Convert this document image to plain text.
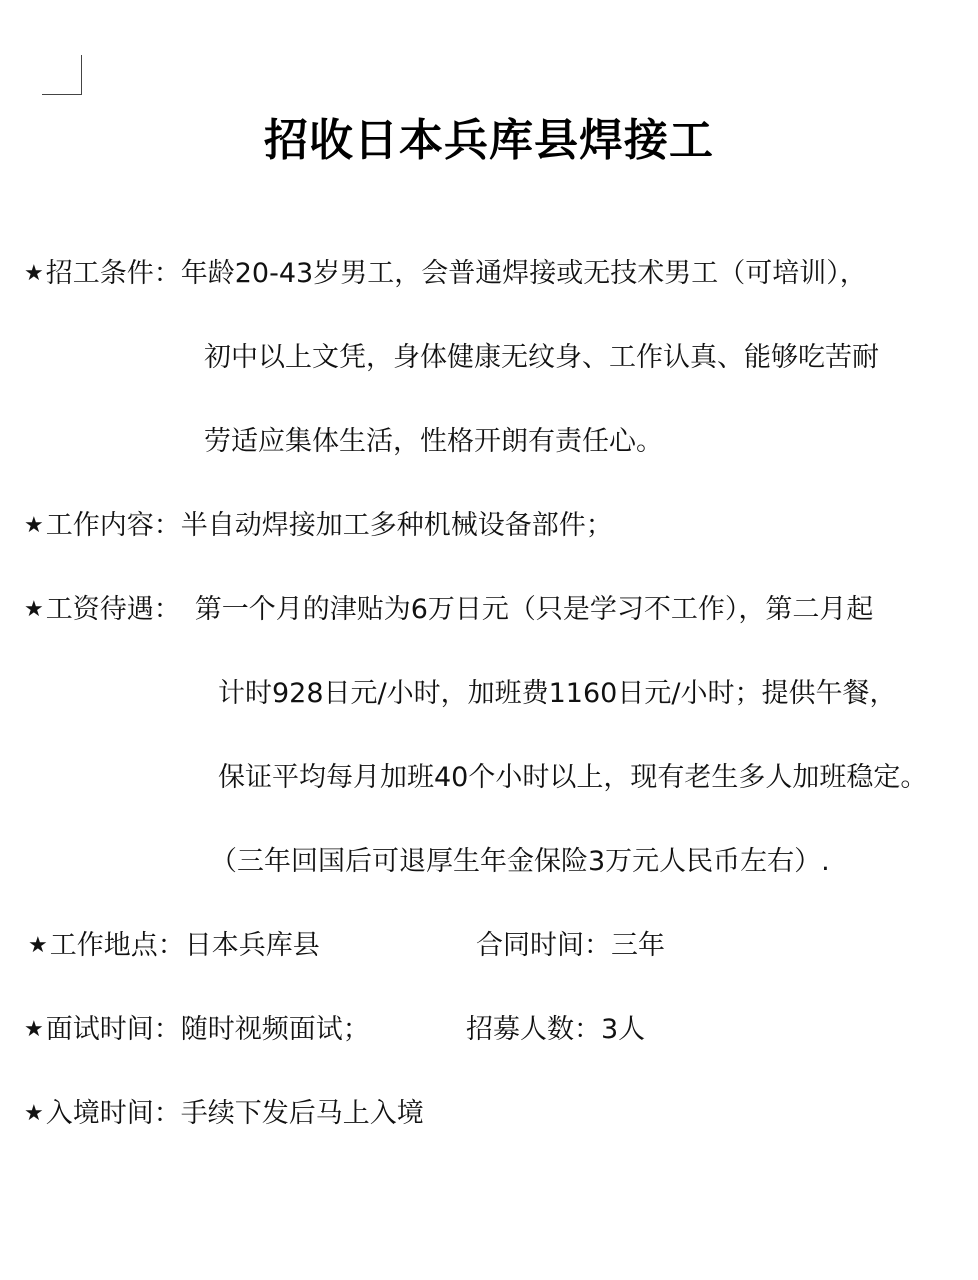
招收日本兵库县焊接工
★招工条件：年龄20-43岁男工，会普通焊接或无技术男工（可培训），
初中以上文凭，身体健康无纹身、工作认真、能够吃苦耐
劳适应集体生活，性格开朗有责任心。
★工作内容：半自动焊接加工多种机械设备部件；
★工资待遇： 第一个月的津贴为6万日元（只是学习不工作），第二月起
计时928日元/小时，加班费1160日元/小时；提供午餐，
保证平均每月加班40个小时以上，现有老生多人加班稳定。
（三年回国后可退厚生年金保险3万元人民币左右）.
★工作地点：日本兵库县	合同时间：三年
★面试时间：随时视频面试；	招募人数：3人
★入境时间：手续下发后马上入境
